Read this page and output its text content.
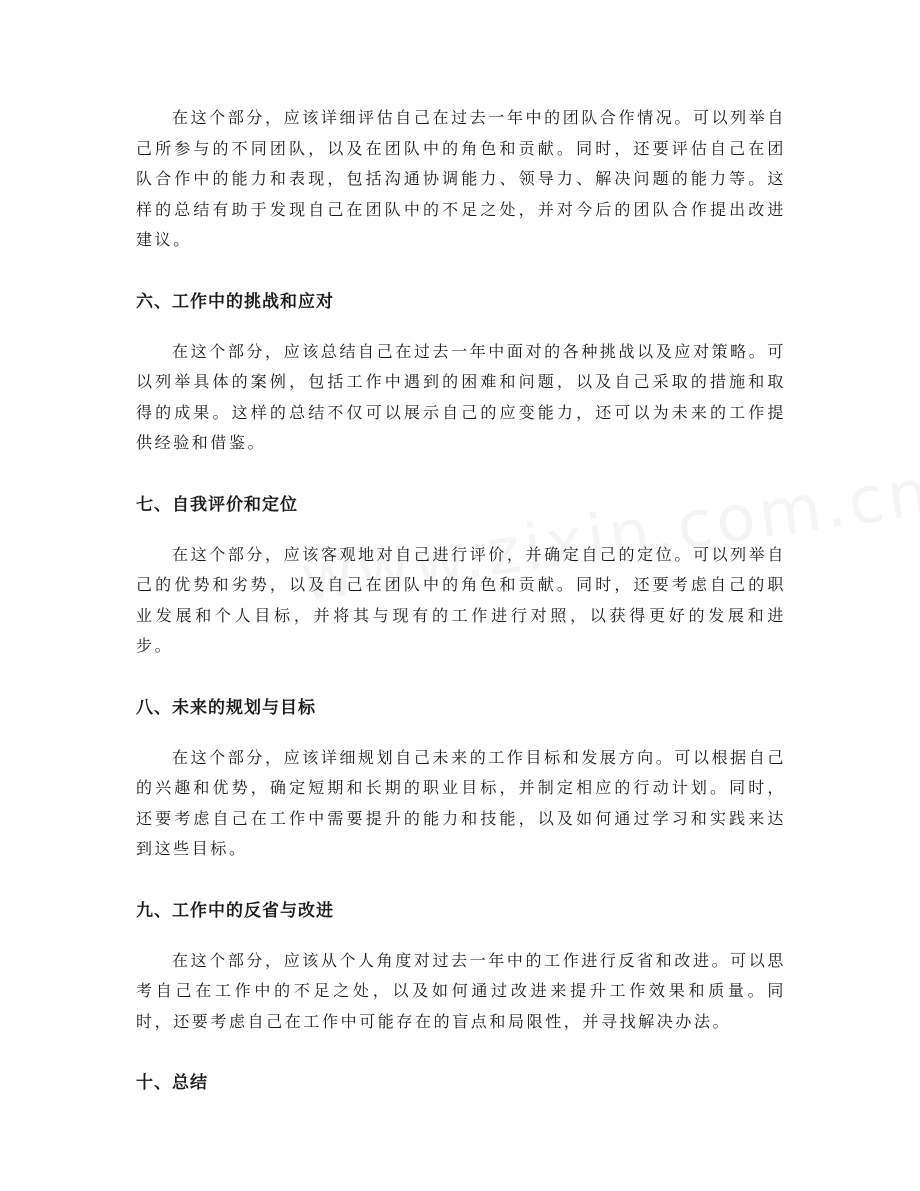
在这个部分，应该详细评估自己在过去一年中的团队合作情况。可以列举自己所参与的不同团队，以及在团队中的角色和贡献。同时，还要评估自己在团队合作中的能力和表现，包括沟通协调能力、领导力、解决问题的能力等。这样的总结有助于发现自己在团队中的不足之处，并对今后的团队合作提出改进建议。

六、工作中的挑战和应对

在这个部分，应该总结自己在过去一年中面对的各种挑战以及应对策略。可以列举具体的案例，包括工作中遇到的困难和问题，以及自己采取的措施和取得的成果。这样的总结不仅可以展示自己的应变能力，还可以为未来的工作提供经验和借鉴。

七、自我评价和定位

在这个部分，应该客观地对自己进行评价，并确定自己的定位。可以列举自己的优势和劣势，以及自己在团队中的角色和贡献。同时，还要考虑自己的职业发展和个人目标，并将其与现有的工作进行对照，以获得更好的发展和进步。

八、未来的规划与目标

在这个部分，应该详细规划自己未来的工作目标和发展方向。可以根据自己的兴趣和优势，确定短期和长期的职业目标，并制定相应的行动计划。同时，还要考虑自己在工作中需要提升的能力和技能，以及如何通过学习和实践来达到这些目标。

九、工作中的反省与改进

在这个部分，应该从个人角度对过去一年中的工作进行反省和改进。可以思考自己在工作中的不足之处，以及如何通过改进来提升工作效果和质量。同时，还要考虑自己在工作中可能存在的盲点和局限性，并寻找解决办法。

十、总结
